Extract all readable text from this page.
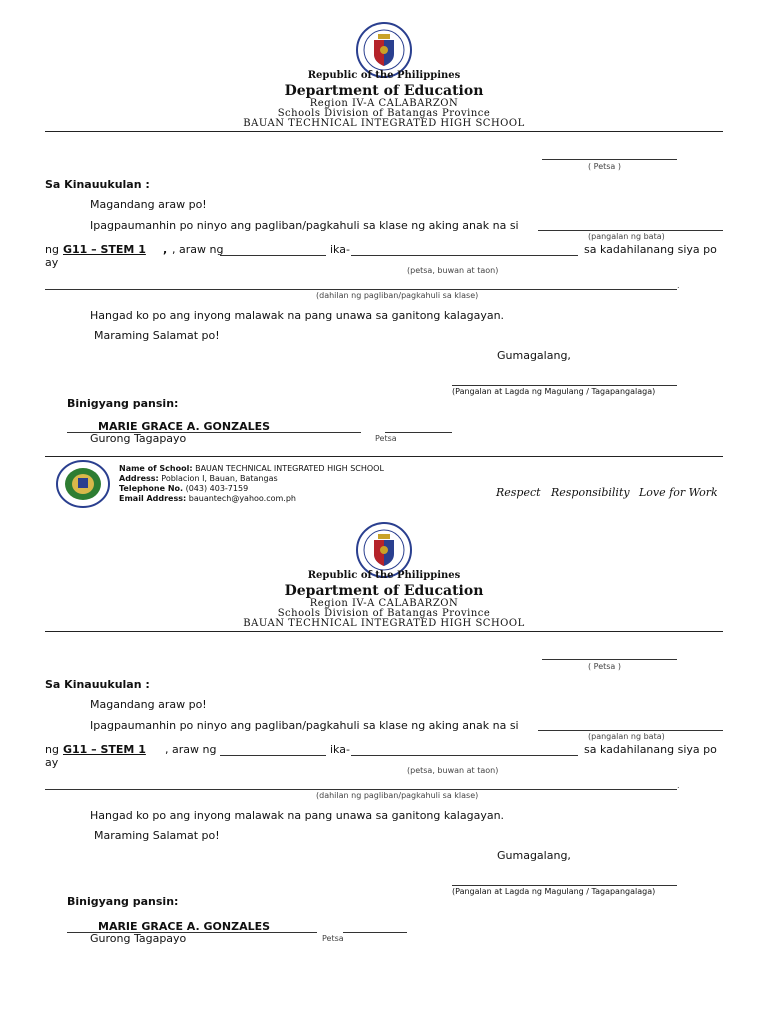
Republic of the Philippines
Department of Education
Region IV-A CALABARZON
Schools Division of Batangas Province
BAUAN TECHNICAL INTEGRATED HIGH SCHOOL
( Petsa )
Sa Kinauukulan :
Magandang araw po!
Ipagpaumanhin po ninyo ang pagliban/pagkahuli sa klase ng aking anak na si
(pangalan ng bata)
ng G11 – STEM 1 , , araw ng	ika-	sa kadahilanang siya po
ay
(petsa, buwan at taon)
.
(dahilan ng pagliban/pagkahuli sa klase)
Hangad ko po ang inyong malawak na pang unawa sa ganitong kalagayan.
Maraming Salamat po!
Gumagalang,
(Pangalan at Lagda ng Magulang / Tagapangalaga)
Binigyang pansin:
MARIE GRACE A. GONZALES
Gurong Tagapayo	Petsa
Name of School: BAUAN TECHNICAL INTEGRATED HIGH SCHOOL
Address: Poblacion I, Bauan, Batangas
Telephone No. (043) 403-7159
Email Address: bauantech@yahoo.com.ph	Respect Responsibility Love for Work
Republic of the Philippines
Department of Education
Region IV-A CALABARZON
Schools Division of Batangas Province
BAUAN TECHNICAL INTEGRATED HIGH SCHOOL
( Petsa )
Sa Kinauukulan :
Magandang araw po!
Ipagpaumanhin po ninyo ang pagliban/pagkahuli sa klase ng aking anak na si
(pangalan ng bata)
ng G11 – STEM 1 , araw ng	ika-	sa kadahilanang siya po
ay
(petsa, buwan at taon)
.
(dahilan ng pagliban/pagkahuli sa klase)
Hangad ko po ang inyong malawak na pang unawa sa ganitong kalagayan.
Maraming Salamat po!
Gumagalang,
(Pangalan at Lagda ng Magulang / Tagapangalaga)
Binigyang pansin:
MARIE GRACE A. GONZALES
Gurong Tagapayo	Petsa
